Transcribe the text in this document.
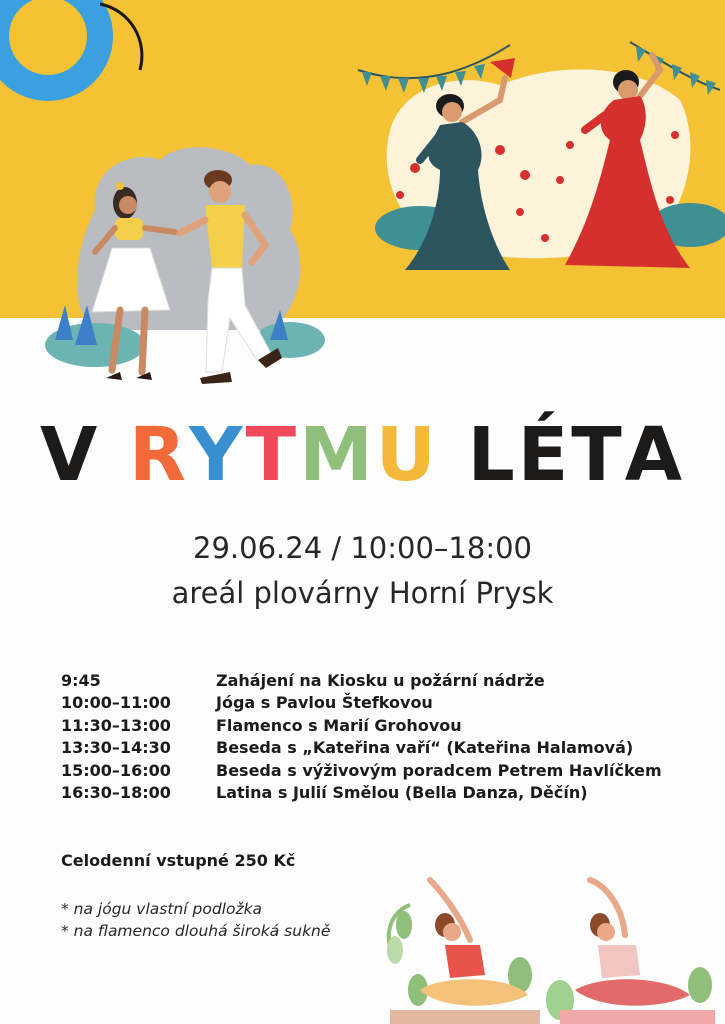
V RYTMU LÉTA
29.06.24 / 10:00–18:00
areál plovárny Horní Prysk
9:45	Zahájení na Kiosku u požární nádrže
10:00–11:00	Jóga s Pavlou Štefkovou
11:30–13:00	Flamenco s Marií Grohovou
13:30–14:30	Beseda s „Kateřina vaří“ (Kateřina Halamová)
15:00–16:00	Beseda s výživovým poradcem Petrem Havlíčkem
16:30–18:00	Latina s Julií Smělou (Bella Danza, Děčín)
Celodenní vstupné 250 Kč
* na jógu vlastní podložka
* na flamenco dlouhá široká sukně
